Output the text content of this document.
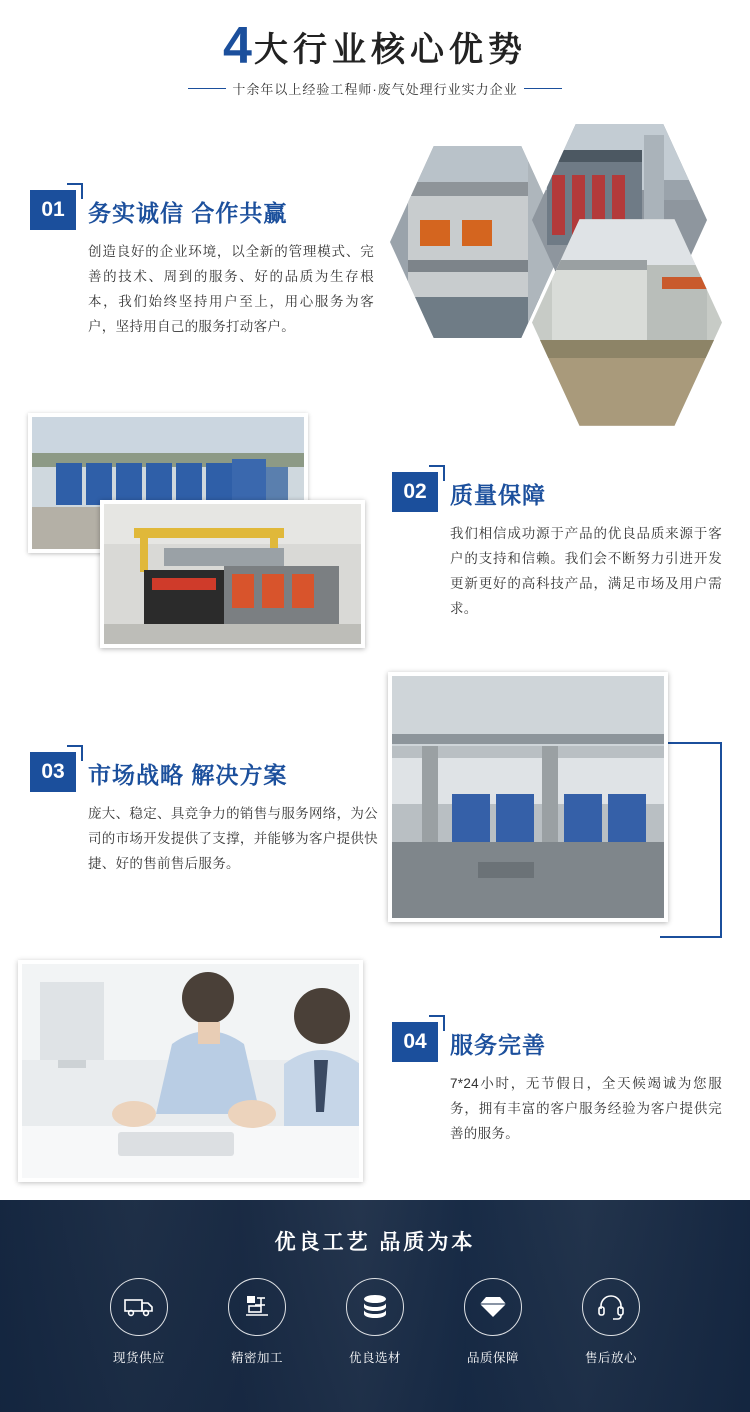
4 大行业核心优势
十余年以上经验工程师·废气处理行业实力企业
01 务实诚信 合作共赢
创造良好的企业环境，以全新的管理模式、完善的技术、周到的服务、好的品质为生存根本，我们始终坚持用户至上，用心服务为客户，坚持用自己的服务打动客户。
02 质量保障
我们相信成功源于产品的优良品质来源于客户的支持和信赖。我们会不断努力引进开发更新更好的高科技产品，满足市场及用户需求。
03 市场战略 解决方案
庞大、稳定、具竞争力的销售与服务网络，为公司的市场开发提供了支撑，并能够为客户提供快捷、好的售前售后服务。
04 服务完善
7*24小时，无节假日，全天候竭诚为您服务，拥有丰富的客户服务经验为客户提供完善的服务。
优良工艺 品质为本
现货供应	精密加工	优良选材	品质保障	售后放心
